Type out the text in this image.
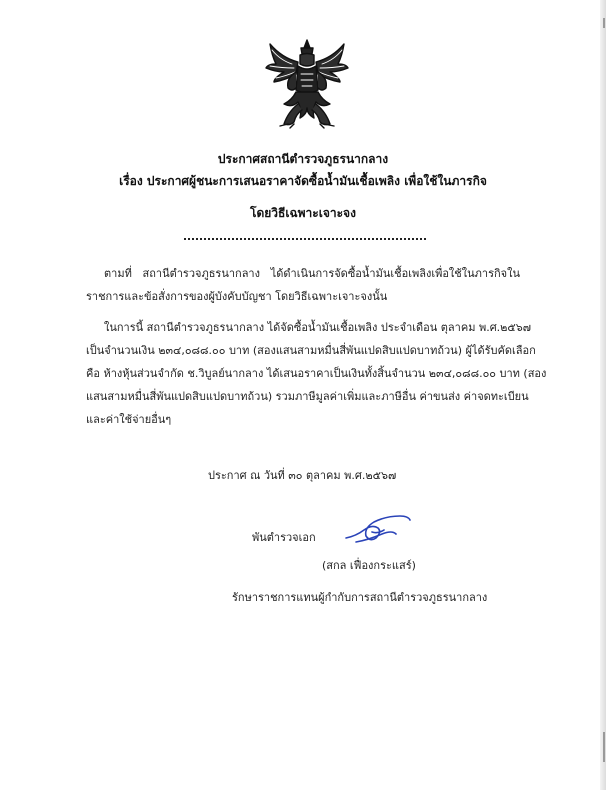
ประกาศสถานีตำรวจภูธรนากลาง
เรื่อง ประกาศผู้ชนะการเสนอราคาจัดซื้อน้ำมันเชื้อเพลิง เพื่อใช้ในภารกิจ
โดยวิธีเฉพาะเจาะจง
ตามที่ สถานีตำรวจภูธรนากลาง ได้ดำเนินการจัดซื้อน้ำมันเชื้อเพลิงเพื่อใช้ในภารกิจใน
ราชการและข้อสั่งการของผู้บังคับบัญชา โดยวิธีเฉพาะเจาะจงนั้น
ในการนี้ สถานีตำรวจภูธรนากลาง ได้จัดซื้อน้ำมันเชื้อเพลิง ประจำเดือน ตุลาคม พ.ศ.๒๕๖๗
เป็นจำนวนเงิน ๒๓๔,๐๘๘.๐๐ บาท (สองแสนสามหมื่นสี่พันแปดสิบแปดบาทถ้วน) ผู้ได้รับคัดเลือก
คือ ห้างหุ้นส่วนจำกัด ช.วิบูลย์นากลาง ได้เสนอราคาเป็นเงินทั้งสิ้นจำนวน ๒๓๔,๐๘๘.๐๐ บาท (สอง
แสนสามหมื่นสี่พันแปดสิบแปดบาทถ้วน) รวมภาษีมูลค่าเพิ่มและภาษีอื่น ค่าขนส่ง ค่าจดทะเบียน
และค่าใช้จ่ายอื่นๆ
ประกาศ ณ วันที่ ๓๐ ตุลาคม พ.ศ.๒๕๖๗
พันตำรวจเอก
(สกล เฟื่องกระแสร์)
รักษาราชการแทนผู้กำกับการสถานีตำรวจภูธรนากลาง
